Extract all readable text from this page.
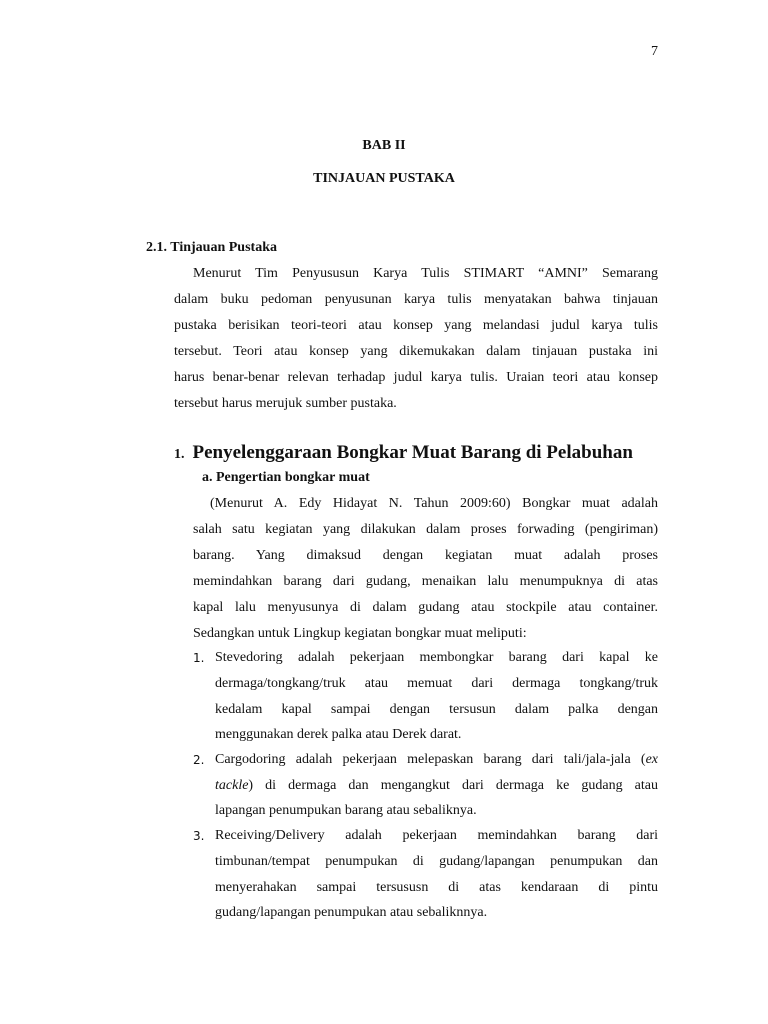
7
BAB II
TINJAUAN PUSTAKA
2.1. Tinjauan Pustaka
Menurut Tim Penyususun Karya Tulis STIMART “AMNI” Semarang
dalam buku pedoman penyusunan karya tulis menyatakan bahwa tinjauan
pustaka berisikan teori-teori atau konsep yang melandasi judul karya tulis
tersebut. Teori atau konsep yang dikemukakan dalam tinjauan pustaka ini
harus benar-benar relevan terhadap judul karya tulis. Uraian teori atau konsep
tersebut harus merujuk sumber pustaka.
1. Penyelenggaraan Bongkar Muat Barang di Pelabuhan
a. Pengertian bongkar muat
(Menurut A. Edy Hidayat N. Tahun 2009:60) Bongkar muat adalah
salah satu kegiatan yang dilakukan dalam proses forwading (pengiriman)
barang. Yang dimaksud dengan kegiatan muat adalah proses
memindahkan barang dari gudang, menaikan lalu menumpuknya di atas
kapal lalu menyusunya di dalam gudang atau stockpile atau container.
Sedangkan untuk Lingkup kegiatan bongkar muat meliputi:
1. Stevedoring adalah pekerjaan membongkar barang dari kapal ke
dermaga/tongkang/truk atau memuat dari dermaga tongkang/truk
kedalam kapal sampai dengan tersusun dalam palka dengan
menggunakan derek palka atau Derek darat.
2. Cargodoring adalah pekerjaan melepaskan barang dari tali/jala-jala (ex
tackle) di dermaga dan mengangkut dari dermaga ke gudang atau
lapangan penumpukan barang atau sebaliknya.
3. Receiving/Delivery adalah pekerjaan memindahkan barang dari
timbunan/tempat penumpukan di gudang/lapangan penumpukan dan
menyerahakan sampai tersususn di atas kendaraan di pintu
gudang/lapangan penumpukan atau sebaliknnya.
